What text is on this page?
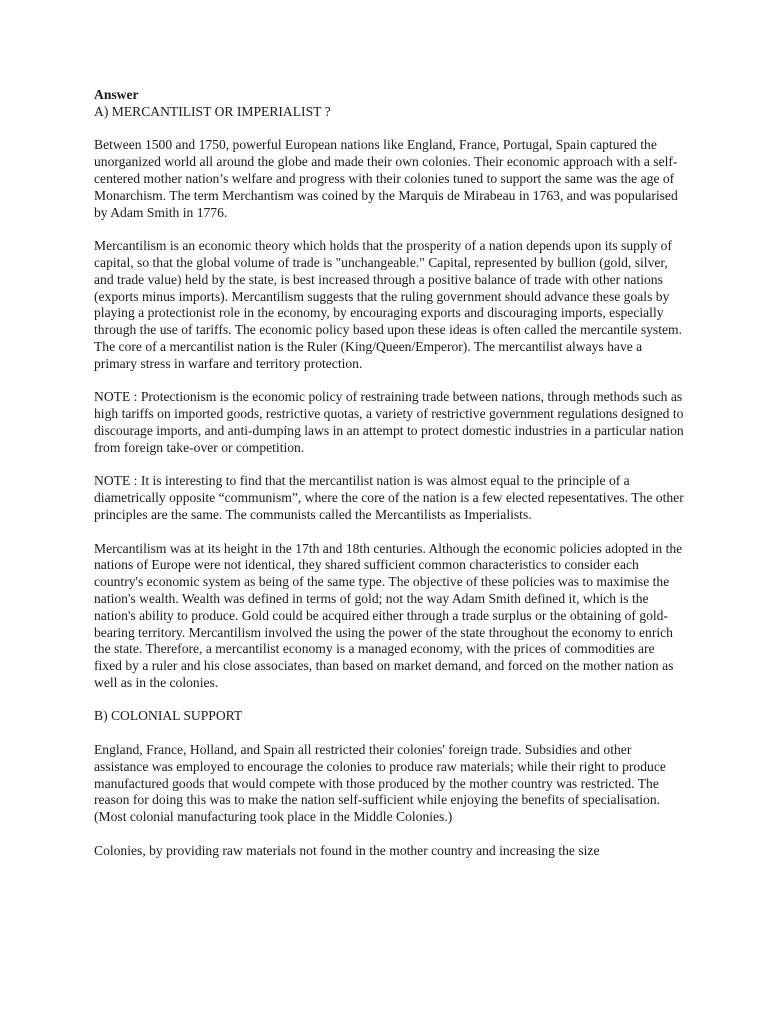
Answer

A) MERCANTILIST OR IMPERIALIST ?

Between 1500 and 1750, powerful European nations like England, France, Portugal, Spain captured the unorganized world all around the globe and made their own colonies. Their economic approach with a self-centered mother nation’s welfare and progress with their colonies tuned to support the same was the age of Monarchism. The term Merchantism was coined by the Marquis de Mirabeau in 1763, and was popularised by Adam Smith in 1776.

Mercantilism is an economic theory which holds that the prosperity of a nation depends upon its supply of capital, so that the global volume of trade is "unchangeable." Capital, represented by bullion (gold, silver, and trade value) held by the state, is best increased through a positive balance of trade with other nations (exports minus imports). Mercantilism suggests that the ruling government should advance these goals by playing a protectionist role in the economy, by encouraging exports and discouraging imports, especially through the use of tariffs. The economic policy based upon these ideas is often called the mercantile system. The core of a mercantilist nation is the Ruler (King/Queen/Emperor). The mercantilist always have a primary stress in warfare and territory protection.

NOTE : Protectionism is the economic policy of restraining trade between nations, through methods such as high tariffs on imported goods, restrictive quotas, a variety of restrictive government regulations designed to discourage imports, and anti-dumping laws in an attempt to protect domestic industries in a particular nation from foreign take-over or competition.

NOTE : It is interesting to find that the mercantilist nation is was almost equal to the principle of a diametrically opposite “communism”, where the core of the nation is a few elected repesentatives. The other principles are the same. The communists called the Mercantilists as Imperialists.

Mercantilism was at its height in the 17th and 18th centuries. Although the economic policies adopted in the nations of Europe were not identical, they shared sufficient common characteristics to consider each country's economic system as being of the same type. The objective of these policies was to maximise the nation's wealth. Wealth was defined in terms of gold; not the way Adam Smith defined it, which is the nation's ability to produce. Gold could be acquired either through a trade surplus or the obtaining of gold-bearing territory. Mercantilism involved the using the power of the state throughout the economy to enrich the state. Therefore, a mercantilist economy is a managed economy, with the prices of commodities are fixed by a ruler and his close associates, than based on market demand, and forced on the mother nation as well as in the colonies.

B) COLONIAL SUPPORT

England, France, Holland, and Spain all restricted their colonies' foreign trade. Subsidies and other assistance was employed to encourage the colonies to produce raw materials; while their right to produce manufactured goods that would compete with those produced by the mother country was restricted. The reason for doing this was to make the nation self-sufficient while enjoying the benefits of specialisation. (Most colonial manufacturing took place in the Middle Colonies.)

Colonies, by providing raw materials not found in the mother country and increasing the size
